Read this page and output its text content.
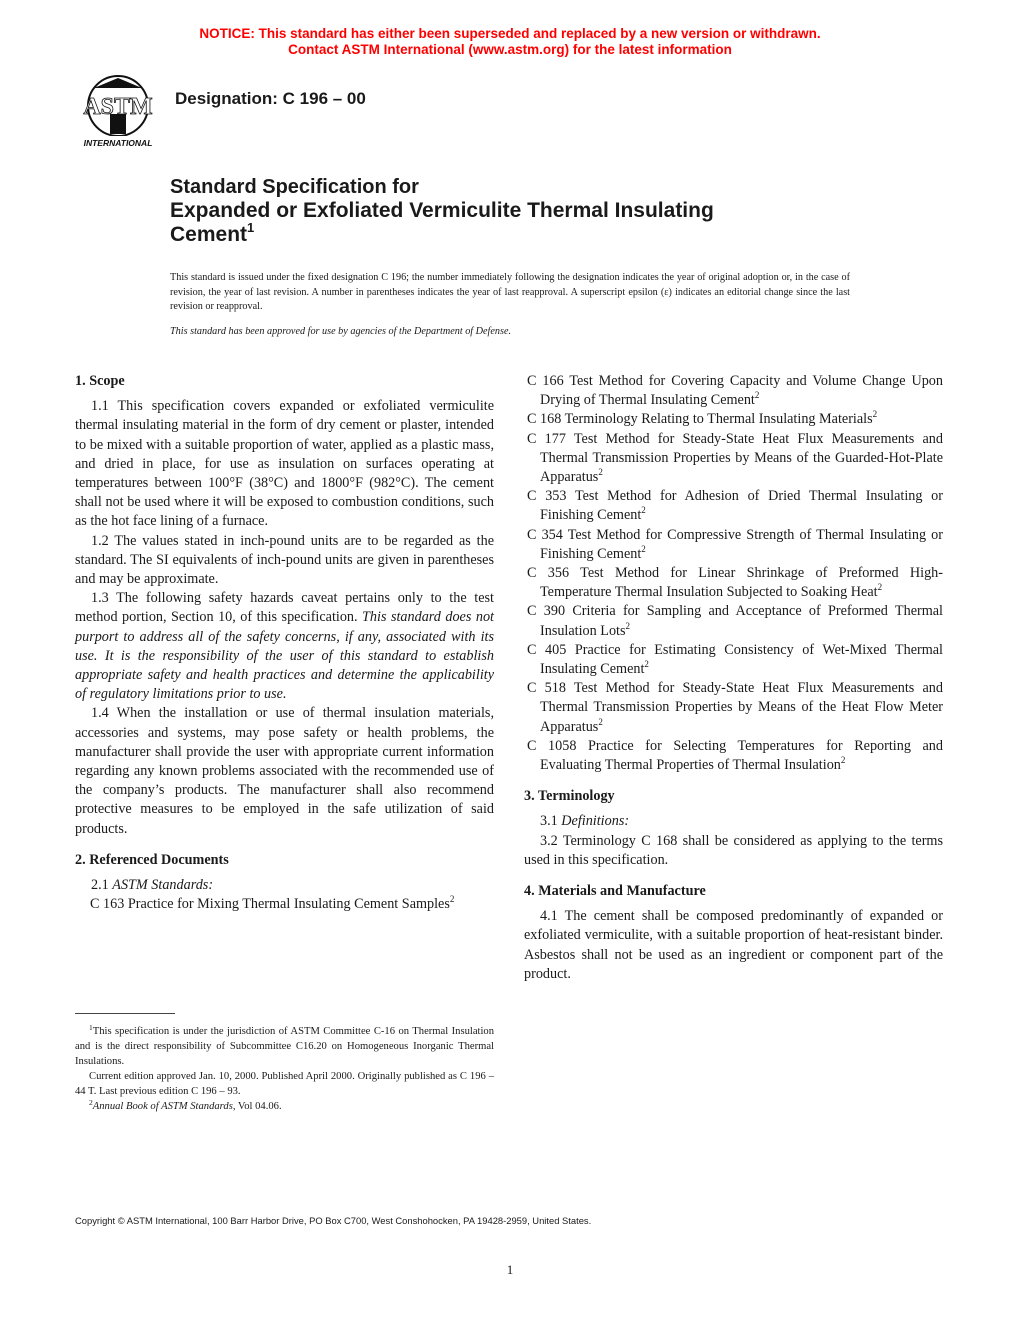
NOTICE: This standard has either been superseded and replaced by a new version or withdrawn.
Contact ASTM International (www.astm.org) for the latest information
ASTM
INTERNATIONAL
Designation: C 196 – 00
Standard Specification for
Expanded or Exfoliated Vermiculite Thermal Insulating
Cement$^1$
This standard is issued under the fixed designation C 196; the number immediately following the designation indicates the year of original adoption or, in the case of revision, the year of last revision. A number in parentheses indicates the year of last reapproval. A superscript epsilon (ε) indicates an editorial change since the last revision or reapproval.
This standard has been approved for use by agencies of the Department of Defense.
1. Scope

1.1 This specification covers expanded or exfoliated vermiculite thermal insulating material in the form of dry cement or plaster, intended to be mixed with a suitable proportion of water, applied as a plastic mass, and dried in place, for use as insulation on surfaces operating at temperatures between 100°F (38°C) and 1800°F (982°C). The cement shall not be used where it will be exposed to combustion conditions, such as the hot face lining of a furnace.

1.2 The values stated in inch-pound units are to be regarded as the standard. The SI equivalents of inch-pound units are given in parentheses and may be approximate.

1.3 The following safety hazards caveat pertains only to the test method portion, Section 10, of this specification. This standard does not purport to address all of the safety concerns, if any, associated with its use. It is the responsibility of the user of this standard to establish appropriate safety and health practices and determine the applicability of regulatory limitations prior to use.

1.4 When the installation or use of thermal insulation materials, accessories and systems, may pose safety or health problems, the manufacturer shall provide the user with appropriate current information regarding any known problems associated with the recommended use of the company’s products. The manufacturer shall also recommend protective measures to be employed in the safe utilization of said products.

2. Referenced Documents

2.1 ASTM Standards:

C 163 Practice for Mixing Thermal Insulating Cement Samples$^2$

C 166 Test Method for Covering Capacity and Volume Change Upon Drying of Thermal Insulating Cement$^2$

C 168 Terminology Relating to Thermal Insulating Materials$^2$

C 177 Test Method for Steady-State Heat Flux Measurements and Thermal Transmission Properties by Means of the Guarded-Hot-Plate Apparatus$^2$

C 353 Test Method for Adhesion of Dried Thermal Insulating or Finishing Cement$^2$

C 354 Test Method for Compressive Strength of Thermal Insulating or Finishing Cement$^2$

C 356 Test Method for Linear Shrinkage of Preformed High-Temperature Thermal Insulation Subjected to Soaking Heat$^2$

C 390 Criteria for Sampling and Acceptance of Preformed Thermal Insulation Lots$^2$

C 405 Practice for Estimating Consistency of Wet-Mixed Thermal Insulating Cement$^2$

C 518 Test Method for Steady-State Heat Flux Measurements and Thermal Transmission Properties by Means of the Heat Flow Meter Apparatus$^2$

C 1058 Practice for Selecting Temperatures for Reporting and Evaluating Thermal Properties of Thermal Insulation$^2$

3. Terminology

3.1 Definitions:

3.2 Terminology C 168 shall be considered as applying to the terms used in this specification.

4. Materials and Manufacture

4.1 The cement shall be composed predominantly of expanded or exfoliated vermiculite, with a suitable proportion of heat-resistant binder. Asbestos shall not be used as an ingredient or component part of the product.

$^1$This specification is under the jurisdiction of ASTM Committee C-16 on Thermal Insulation and is the direct responsibility of Subcommittee C16.20 on Homogeneous Inorganic Thermal Insulations.

Current edition approved Jan. 10, 2000. Published April 2000. Originally published as C 196 – 44 T. Last previous edition C 196 – 93.

$^2$Annual Book of ASTM Standards, Vol 04.06.

Copyright © ASTM International, 100 Barr Harbor Drive, PO Box C700, West Conshohocken, PA 19428-2959, United States.
1
